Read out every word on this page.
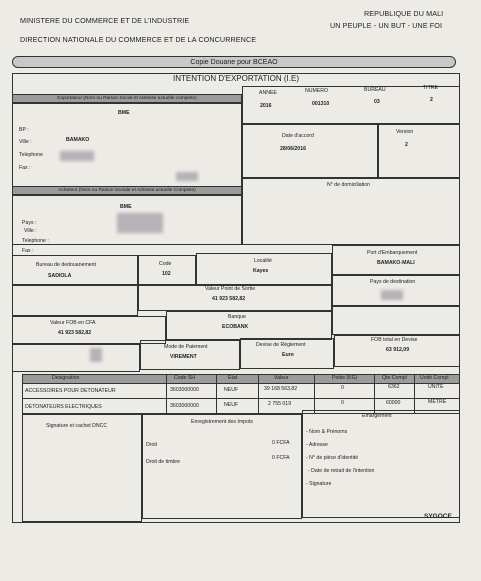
MINISTERE DU COMMERCE ET DE L'INDUSTRIE
DIRECTION NATIONALE DU COMMERCE ET DE LA CONCURRENCE
REPUBLIQUE DU MALI
UN PEUPLE - UN BUT - UNE FOI
Copie Douane pour BCEAO
INTENTION D'EXPORTATION (I.E)
Exportateur (Nom ou Raison Social et Adresse actuelle complete)
BME
BP :
Ville :	BAMAKO
Telephone
Fax :
ANNEE
2016
NUMERO
001310
BUREAU
03
TITRE
2
Date d'accord
28/06/2016
Version
2
Acheteur (Nom ou Raison Sociale et Adresse actuelle Complete)
BME
Pays :
Ville :
Telephone :
Fax :
N° de domiciliation
Bureau de dedouanement
SADIOLA
Code
102
Localité
Kayes
Port d'Embarquement
BAMAKO-MALI
Valeur Point de Sortie
41 923 582,82
Pays de destination
Valeur FOB en CFA
41 923 582,82
Banque
ECOBANK
Mode de Paiement
VIREMENT
Devise de Règlement
Euro
FOB total en Devise
63 912,09
Designation	Code SH	Etat	Valeur	Poids (KG)	Qte Compl	Unité Compl
ACCESSOIRES POUR DETONATEUR	3603000000	NEUF	39 168 563,82	0	6362	UNITE
DETONATEURS ELECTRIQUES	3603000000	NEUF	2 755 019	0	60000	METRE
Signature et cachet DNCC
Enregistrement des Impots
Droit	0 FCFA
Droit de timbre
0 FCFA
Emargement
- Nom & Prénoms
- Adresse
- N° de pièce d'identité
- Date de retrait de l'intention
- Signature
SYGOCE
